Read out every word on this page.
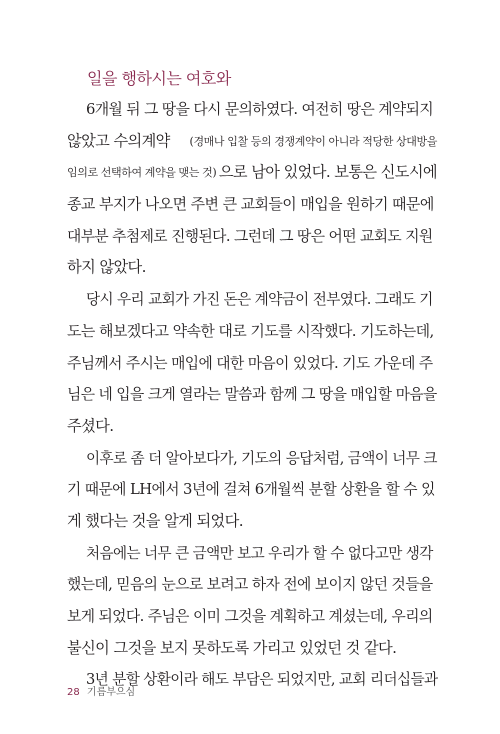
일을 행하시는 여호와
6개월 뒤 그 땅을 다시 문의하였다. 여전히 땅은 계약되지
않았고 수의계약 (경매나 입찰 등의 경쟁계약이 아니라 적당한 상대방을
임의로 선택하여 계약을 맺는 것) 으로 남아 있었다. 보통은 신도시에
종교 부지가 나오면 주변 큰 교회들이 매입을 원하기 때문에
대부분 추첨제로 진행된다. 그런데 그 땅은 어떤 교회도 지원
하지 않았다.
당시 우리 교회가 가진 돈은 계약금이 전부였다. 그래도 기
도는 해보겠다고 약속한 대로 기도를 시작했다. 기도하는데,
주님께서 주시는 매입에 대한 마음이 있었다. 기도 가운데 주
님은 네 입을 크게 열라는 말씀과 함께 그 땅을 매입할 마음을
주셨다.
이후로 좀 더 알아보다가, 기도의 응답처럼, 금액이 너무 크
기 때문에 LH에서 3년에 걸쳐 6개월씩 분할 상환을 할 수 있
게 했다는 것을 알게 되었다.
처음에는 너무 큰 금액만 보고 우리가 할 수 없다고만 생각
했는데, 믿음의 눈으로 보려고 하자 전에 보이지 않던 것들을
보게 되었다. 주님은 이미 그것을 계획하고 계셨는데, 우리의
불신이 그것을 보지 못하도록 가리고 있었던 것 같다.
3년 분할 상환이라 해도 부담은 되었지만, 교회 리더십들과
28 기름부으심
